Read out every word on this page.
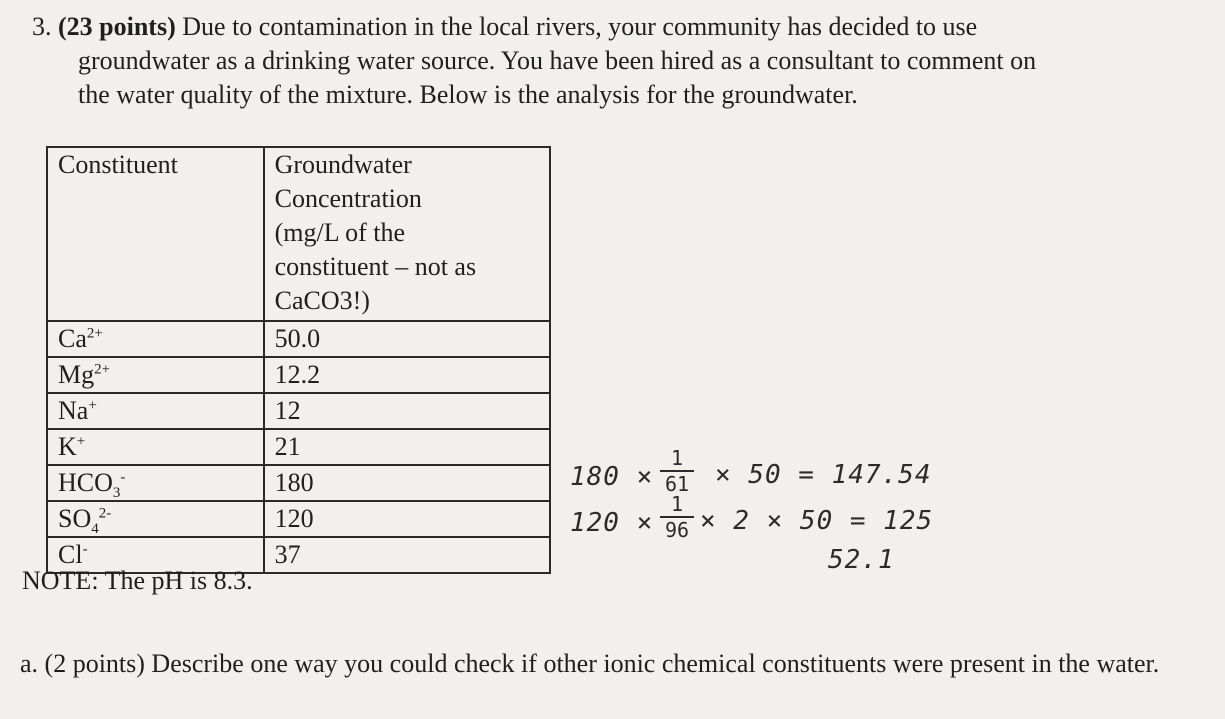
3. (23 points) Due to contamination in the local rivers, your community has decided to use
groundwater as a drinking water source. You have been hired as a consultant to comment on
the water quality of the mixture. Below is the analysis for the groundwater.
Constituent	Groundwater
Concentration
(mg/L of the
constituent – not as
CaCO3!)

$Ca^{2+}$	50.0
$Mg^{2+}$	12.2
Na+	12
K+	21
$HCO_3^-$	180
$SO_4^{2-}$	120
Cl-	37
NOTE: The pH is 8.3.
180 ×
1
61 × 50 = 147.54
120 ×
1
96 × 2 × 50 = 125
52.1
a. (2 points) Describe one way you could check if other ionic chemical constituents were present in the water.
